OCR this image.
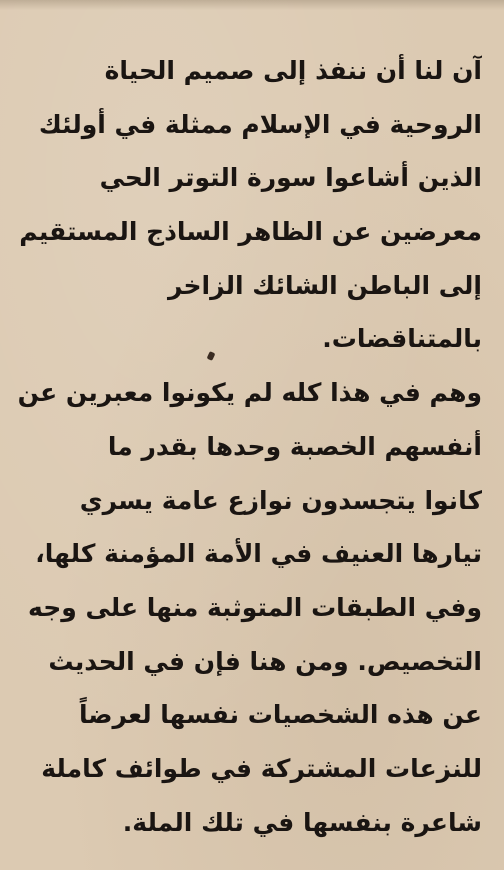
آن لنا أن ننفذ إلى صميم الحياة
الروحية في الإسلام ممثلة في أولئك
الذين أشاعوا سورة التوتر الحي
معرضين عن الظاهر الساذج المستقيم
إلى الباطن الشائك الزاخر
بالمتناقضات.
وهم في هذا كله لم يكونوا معبرين عن
أنفسهم الخصبة وحدها بقدر ما
كانوا يتجسدون نوازع عامة يسري
تيارها العنيف في الأمة المؤمنة كلها،
وفي الطبقات المتوثبة منها على وجه
التخصيص. ومن هنا فإن في الحديث
عن هذه الشخصيات نفسها لعرضاً
للنزعات المشتركة في طوائف كاملة
شاعرة بنفسها في تلك الملة.
